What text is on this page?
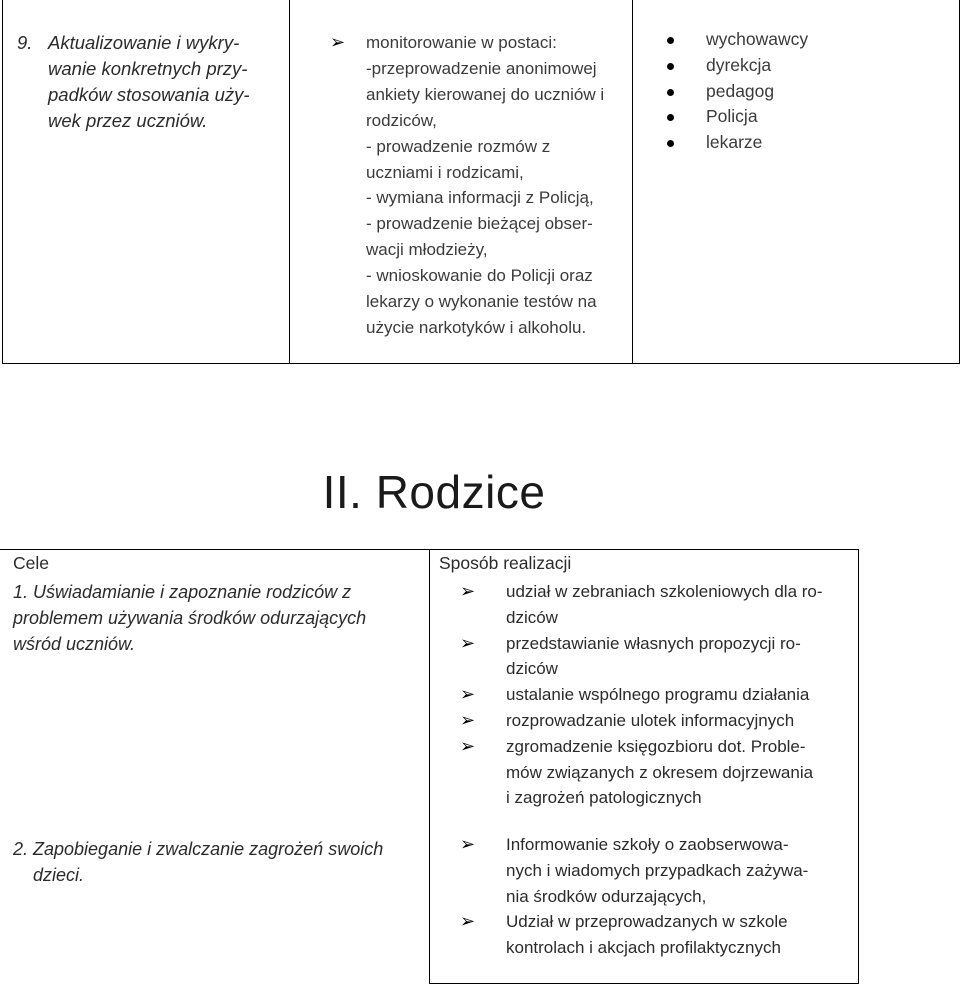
9. Aktualizowanie i wykry-
wanie konkretnych przy-
padków stosowania uży-
wek przez uczniów.
➢	monitorowanie w postaci:
-przeprowadzenie anonimowej
ankiety kierowanej do uczniów i
rodziców,
- prowadzenie rozmów z
uczniami i rodzicami,
- wymiana informacji z Policją,
- prowadzenie bieżącej obser-
wacji młodzieży,
- wnioskowanie do Policji oraz
lekarzy o wykonanie testów na
użycie narkotyków i alkoholu.
wychowawcy
dyrekcja
pedagog
Policja
lekarze
II. Rodzice
Cele	Sposób realizacji
1. Uświadamianie i zapoznanie rodziców z
problemem używania środków odurzających
wśród uczniów.
➢ udział w zebraniach szkoleniowych dla ro-
dziców
➢ przedstawianie własnych propozycji ro-
dziców
➢ ustalanie wspólnego programu działania
➢ rozprowadzanie ulotek informacyjnych
➢ zgromadzenie księgozbioru dot. Proble-
mów związanych z okresem dojrzewania
i zagrożeń patologicznych
2. Zapobieganie i zwalczanie zagrożeń swoich
dzieci.
➢ Informowanie szkoły o zaobserwowa-
nych i wiadomych przypadkach zażywa-
nia środków odurzających,
➢ Udział w przeprowadzanych w szkole
kontrolach i akcjach profilaktycznych
